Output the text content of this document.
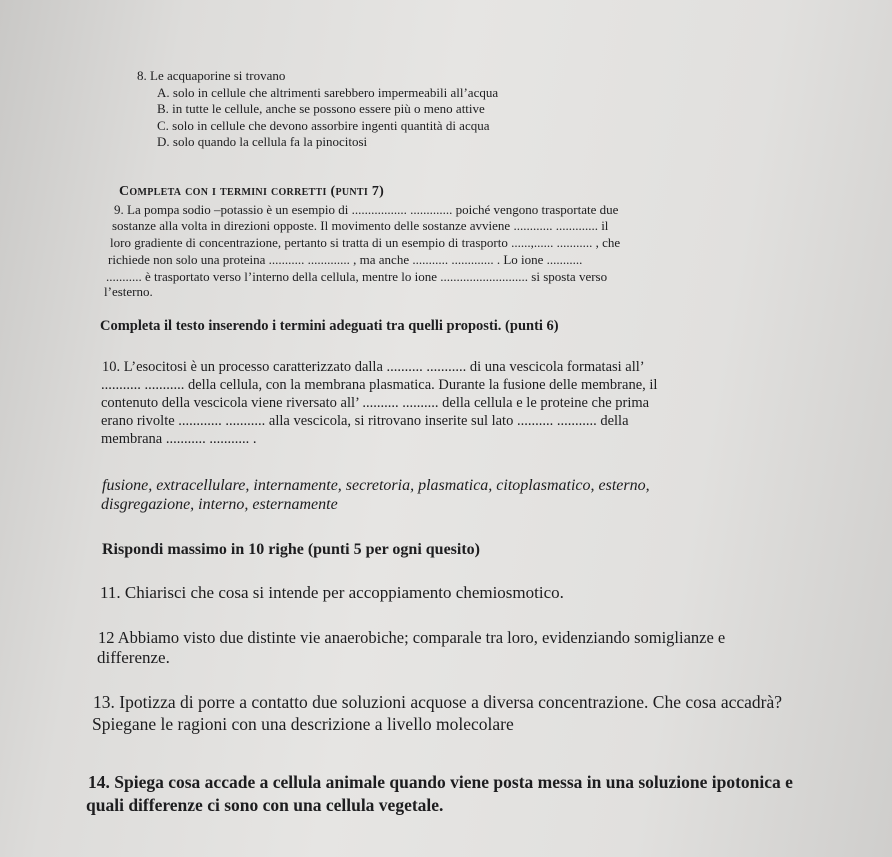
8. Le acquaporine si trovano
A. solo in cellule che altrimenti sarebbero impermeabili all’acqua
B. in tutte le cellule, anche se possono essere più o meno attive
C. solo in cellule che devono assorbire ingenti quantità di acqua
D. solo quando la cellula fa la pinocitosi
Completa con i termini corretti (punti 7)
9. La pompa sodio –potassio è un esempio di ................. ............. poiché vengono trasportate due
sostanze alla volta in direzioni opposte. Il movimento delle sostanze avviene ............ ............. il
loro gradiente di concentrazione, pertanto si tratta di un esempio di trasporto ......,...... ........... , che
richiede non solo una proteina ........... ............. , ma anche ........... ............. . Lo ione ...........
........... è trasportato verso l’interno della cellula, mentre lo ione ........................... si sposta verso
l’esterno.
Completa il testo inserendo i termini adeguati tra quelli proposti. (punti 6)
10. L’esocitosi è un processo caratterizzato dalla .......... ........... di una vescicola formatasi all’
........... ........... della cellula, con la membrana plasmatica. Durante la fusione delle membrane, il
contenuto della vescicola viene riversato all’ .......... .......... della cellula e le proteine che prima
erano rivolte ............ ........... alla vescicola, si ritrovano inserite sul lato .......... ........... della
membrana ........... ........... .
fusione, extracellulare, internamente, secretoria, plasmatica, citoplasmatico, esterno,
disgregazione, interno, esternamente
Rispondi massimo in 10 righe (punti 5 per ogni quesito)
11. Chiarisci che cosa si intende per accoppiamento chemiosmotico.
12 Abbiamo visto due distinte vie anaerobiche; comparale tra loro, evidenziando somiglianze e
differenze.
13. Ipotizza di porre a contatto due soluzioni acquose a diversa concentrazione. Che cosa accadrà?
Spiegane le ragioni con una descrizione a livello molecolare
14. Spiega cosa accade a cellula animale quando viene posta messa in una soluzione ipotonica e
quali differenze ci sono con una cellula vegetale.
